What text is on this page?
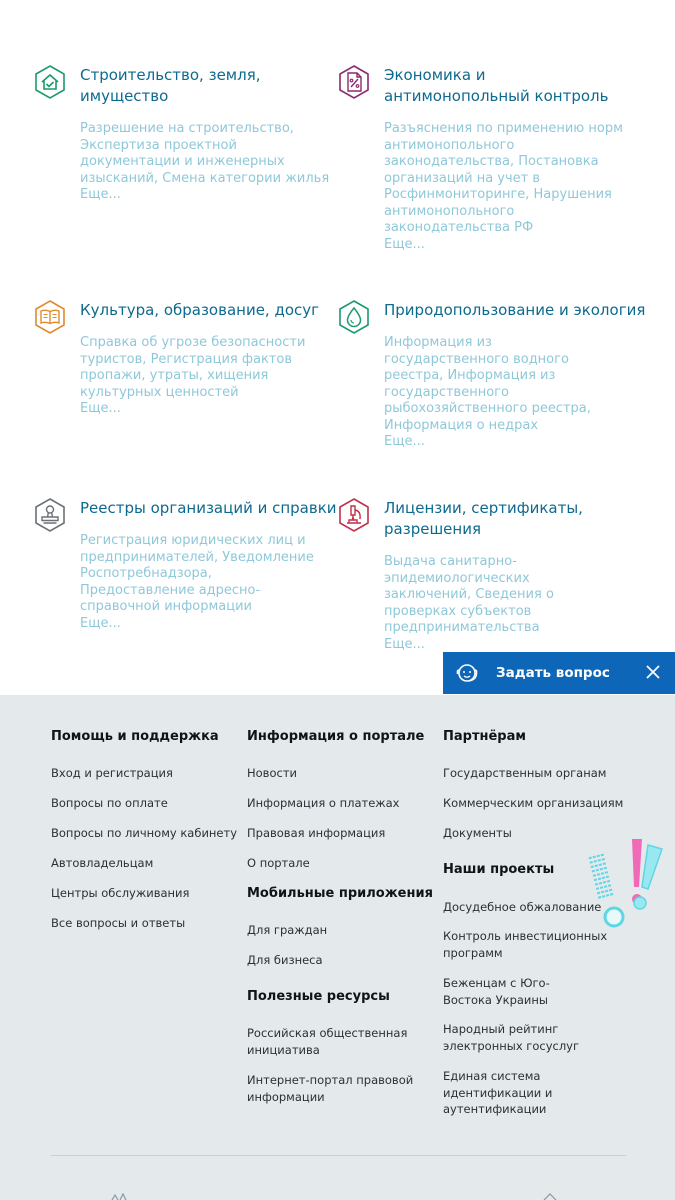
Строительство, земля, имущество

Разрешение на строительство, Экспертиза проектной документации и инженерных изысканий, Смена категории жилья
Еще...

Экономика и антимонопольный контроль

Разъяснения по применению норм антимонопольного законодательства, Постановка организаций на учет в Росфинмониторинге, Нарушения антимонопольного законодательства РФ
Еще...

Культура, образование, досуг

Справка об угрозе безопасности туристов, Регистрация фактов пропажи, утраты, хищения культурных ценностей
Еще...

Природопользование и экология

Информация из государственного водного реестра, Информация из государственного рыбохозяйственного реестра, Информация о недрах
Еще...

Реестры организаций и справки

Регистрация юридических лиц и предпринимателей, Уведомление Роспотребнадзора, Предоставление адресно-справочной информации
Еще...

Лицензии, сертификаты, разрешения

Выдача санитарно-эпидемиологических заключений, Сведения о проверках субъектов предпринимательства
Еще...
Задать вопрос
Помощь и поддержка
Вход и регистрация
Вопросы по оплате
Вопросы по личному кабинету
Автовладельцам
Центры обслуживания
Все вопросы и ответы
Информация о портале
Новости
Информация о платежах
Правовая информация
О портале
Мобильные приложения
Для граждан
Для бизнеса
Полезные ресурсы
Российская общественная инициатива
Интернет-портал правовой информации
Партнёрам
Государственным органам
Коммерческим организациям
Документы
Наши проекты
Досудебное обжалование
Контроль инвестиционных программ
Беженцам с Юго-Востока Украины
Народный рейтинг электронных госуслуг
Единая система идентификации и аутентификации
